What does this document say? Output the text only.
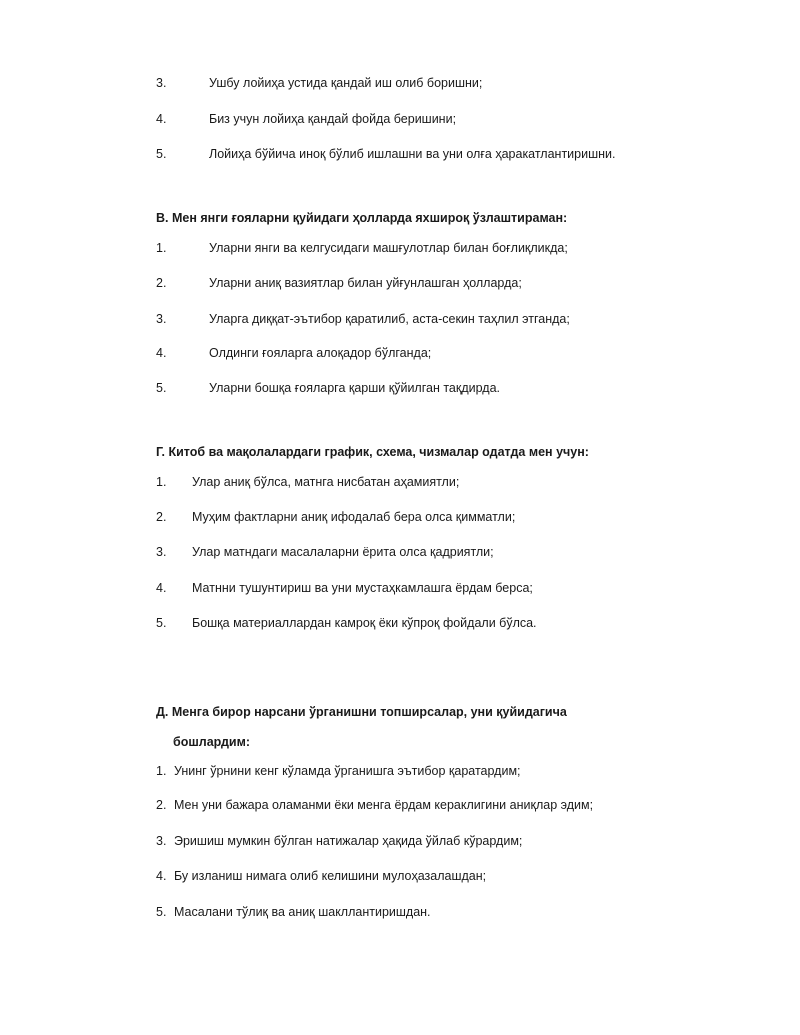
3.	Ушбу лойиҳа устида қандай иш олиб боришни;
4.	Биз учун лойиҳа қандай фойда беришини;
5.	Лойиҳа бўйича иноқ бўлиб ишлашни ва уни олға ҳаракатлантиришни.
В. Мен янги ғояларни қуйидаги ҳолларда яхшироқ ўзлаштираман:
1.	Уларни янги ва келгусидаги машғулотлар билан боғлиқликда;
2.	Уларни аниқ вазиятлар билан уйғунлашган ҳолларда;
3.	Уларга диққат-эътибор қаратилиб, аста-секин таҳлил этганда;
4.	Олдинги ғояларга алоқадор бўлганда;
5.	Уларни бошқа ғояларга қарши қўйилган тақдирда.
Г. Китоб ва мақолалардаги график, схема, чизмалар одатда мен учун:
1. Улар аниқ бўлса, матнга нисбатан аҳамиятли;
2. Муҳим фактларни аниқ ифодалаб бера олса қимматли;
3. Улар матндаги масалаларни ёрита олса қадриятли;
4. Матнни тушунтириш ва уни мустаҳкамлашга ёрдам берса;
5. Бошқа материаллардан камроқ ёки кўпроқ фойдали бўлса.
Д. Менга бирор нарсани ўрганишни топширсалар, уни қуйидагича
бошлардим:
1. Унинг ўрнини кенг кўламда ўрганишга эътибор қаратардим;
2. Мен уни бажара оламанми ёки менга ёрдам кераклигини аниқлар эдим;
3. Эришиш мумкин бўлган натижалар ҳақида ўйлаб кўрардим;
4. Бу изланиш нимага олиб келишини мулоҳазалашдан;
5. Масалани тўлиқ ва аниқ шакллантиришдан.
